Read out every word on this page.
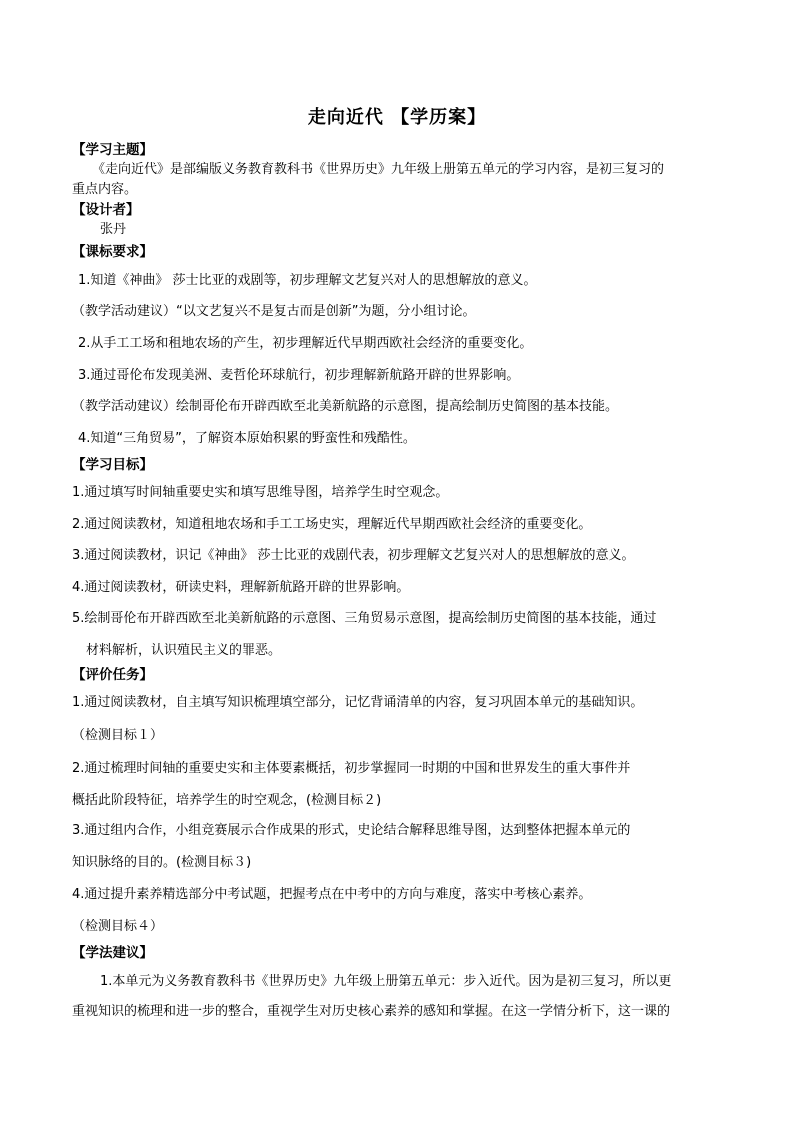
走向近代 【学历案】
【学习主题】
《走向近代》是部编版义务教育教科书《世界历史》九年级上册第五单元的学习内容，是初三复习的
重点内容。
【设计者】
张丹
【课标要求】
1.知道《神曲》 莎士比亚的戏剧等，初步理解文艺复兴对人的思想解放的意义。
（教学活动建议）“以文艺复兴不是复古而是创新”为题，分小组讨论。
2.从手工工场和租地农场的产生，初步理解近代早期西欧社会经济的重要变化。
3.通过哥伦布发现美洲、麦哲伦环球航行，初步理解新航路开辟的世界影响。
（教学活动建议）绘制哥伦布开辟西欧至北美新航路的示意图，提高绘制历史简图的基本技能。
4.知道“三角贸易”，了解资本原始积累的野蛮性和残酷性。
【学习目标】
1.通过填写时间轴重要史实和填写思维导图，培养学生时空观念。
2.通过阅读教材，知道租地农场和手工工场史实，理解近代早期西欧社会经济的重要变化。
3.通过阅读教材，识记《神曲》 莎士比亚的戏剧代表，初步理解文艺复兴对人的思想解放的意义。
4.通过阅读教材，研读史料，理解新航路开辟的世界影响。
5.绘制哥伦布开辟西欧至北美新航路的示意图、三角贸易示意图，提高绘制历史简图的基本技能，通过
材料解析，认识殖民主义的罪恶。
【评价任务】
1.通过阅读教材，自主填写知识梳理填空部分，记忆背诵清单的内容，复习巩固本单元的基础知识。
（检测目标１）
2.通过梳理时间轴的重要史实和主体要素概括，初步掌握同一时期的中国和世界发生的重大事件并
概括此阶段特征，培养学生的时空观念，(检测目标２)
3.通过组内合作，小组竞赛展示合作成果的形式，史论结合解释思维导图，达到整体把握本单元的
知识脉络的目的。(检测目标３)
4.通过提升素养精选部分中考试题，把握考点在中考中的方向与难度，落实中考核心素养。
（检测目标４）
【学法建议】
1.本单元为义务教育教科书《世界历史》九年级上册第五单元：步入近代。因为是初三复习，所以更
重视知识的梳理和进一步的整合，重视学生对历史核心素养的感知和掌握。在这一学情分析下，这一课的
